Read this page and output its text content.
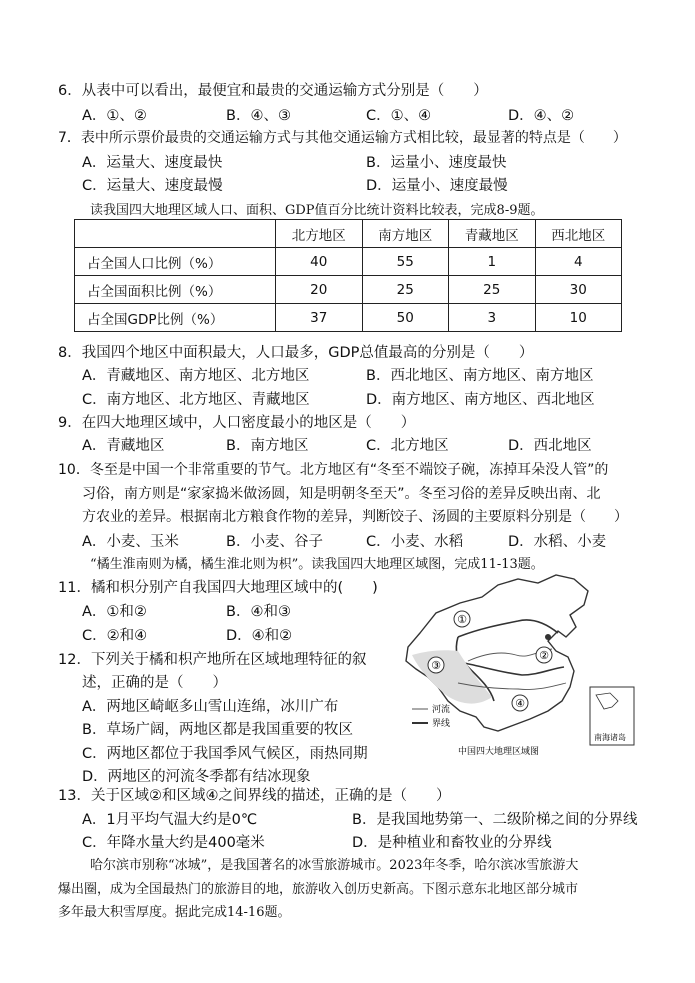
6．从表中可以看出，最便宜和最贵的交通运输方式分别是（　　）
A．①、②	B．④、③	C．①、④	D．④、②
7．表中所示票价最贵的交通运输方式与其他交通运输方式相比较，最显著的特点是（　　）
A．运量大、速度最快	B．运量小、速度最快
C．运量大、速度最慢	D．运量小、速度最慢
读我国四大地理区域人口、面积、GDP值百分比统计资料比较表，完成8-9题。
	北方地区	南方地区	青藏地区	西北地区
占全国人口比例（%）	40	55	1	4
占全国面积比例（%）	20	25	25	30
占全国GDP比例（%）	37	50	3	10
8．我国四个地区中面积最大，人口最多，GDP总值最高的分别是（　　）
A．青藏地区、南方地区、北方地区	B．西北地区、南方地区、南方地区
C．南方地区、北方地区、青藏地区	D．南方地区、南方地区、西北地区
9．在四大地理区域中，人口密度最小的地区是（　　）
A．青藏地区	B．南方地区	C．北方地区	D．西北地区
10．冬至是中国一个非常重要的节气。北方地区有“冬至不端饺子碗，冻掉耳朵没人管”的
习俗，南方则是“家家捣米做汤圆，知是明朝冬至天”。冬至习俗的差异反映出南、北
方农业的差异。根据南北方粮食作物的差异，判断饺子、汤圆的主要原料分别是（　　）
A．小麦、玉米	B．小麦、谷子	C．小麦、水稻	D．水稻、小麦
“橘生淮南则为橘，橘生淮北则为枳”。读我国四大地理区域图，完成11-13题。
11．橘和枳分别产自我国四大地理区域中的(　　)
A．①和②	B．④和③
C．②和④	D．④和②
12．下列关于橘和枳产地所在区域地理特征的叙
述，正确的是（　　）
A．两地区崎岖多山雪山连绵，冰川广布
B．草场广阔，两地区都是我国重要的牧区
C．两地区都位于我国季风气候区，雨热同期
D．两地区的河流冬季都有结冰现象
①
②
③
④
河流
界线
中国四大地理区域图
南海诸岛
13．关于区域②和区域④之间界线的描述，正确的是（　　）
A．1月平均气温大约是0℃	B．是我国地势第一、二级阶梯之间的分界线
C．年降水量大约是400毫米	D．是种植业和畜牧业的分界线
哈尔滨市别称“冰城”，是我国著名的冰雪旅游城市。2023年冬季，哈尔滨冰雪旅游大
爆出圈，成为全国最热门的旅游目的地，旅游收入创历史新高。下图示意东北地区部分城市
多年最大积雪厚度。据此完成14-16题。
